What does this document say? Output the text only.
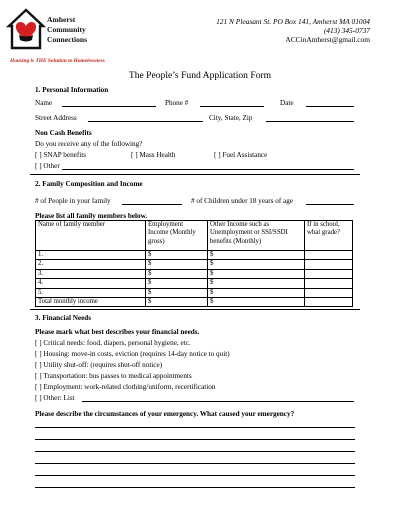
Amherst
Community
Connections
Housing is THE Solution to Homelessness
121 N Pleasant St. PO Box 141, Amherst MA 01004
(413) 345-0737
ACCinAmherst@gmail.com
The People’s Fund Application Form
1. Personal Information
Name	Phone #	Date
Street Address	City, State, Zip
Non Cash Benefits
Do you receive any of the following?
[ ] SNAP benefits	[ ] Mass Health	[ ] Fuel Assistance
[ ] Other
2. Family Composition and Income
# of People in your family	# of Children under 18 years of age
Please list all family members below.
Name of family member	Employment Income (Monthly gross)	Other Income such as Unemployment or SSI/SSDI benefits (Monthly)	If in school, what grade?
1.	$	$	
2.	$	$	
3.	$	$	
4.	$	$	
5.	$	$	
Total monthly income	$	$	
3. Financial Needs
Please mark what best describes your financial needs.
[ ] Critical needs: food, diapers, personal hygiene, etc.
[ ] Housing: move-in costs, eviction (requires 14-day notice to quit)
[ ] Utility shut-off: (requires shut-off notice)
[ ] Transportation: bus passes to medical appointments
[ ] Employment: work-related clothing/uniform, recertification
[ ] Other: List
Please describe the circumstances of your emergency. What caused your emergency?
